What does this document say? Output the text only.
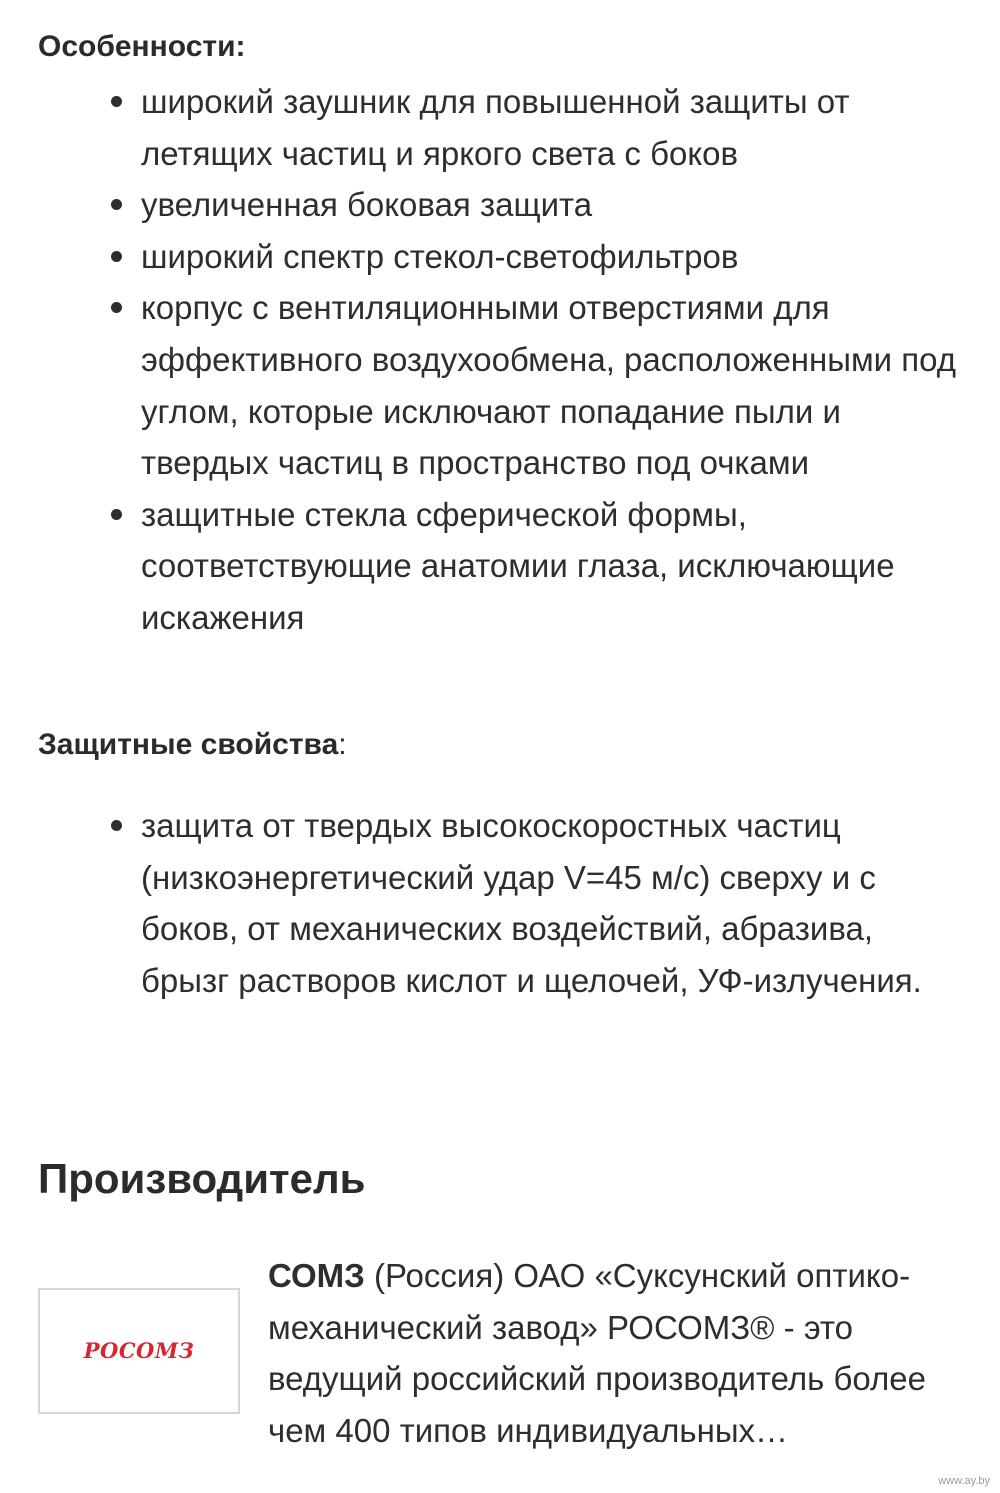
Особенности:
широкий заушник для повышенной защиты от летящих частиц и яркого света с боков
увеличенная боковая защита
широкий спектр стекол-светофильтров
корпус с вентиляционными отверстиями для эффективного воздухообмена, расположенными под углом, которые исключают попадание пыли и твердых частиц в пространство под очками
защитные стекла сферической формы, соответствующие анатомии глаза, исключающие искажения
Защитные свойства:
защита от твердых высокоскоростных частиц (низкоэнергетический удар V=45 м/с) сверху и с боков, от механических воздействий, абразива, брызг растворов кислот и щелочей, УФ-излучения.
Производитель
РОСОМЗ

СОМЗ (Россия) ОАО «Суксунский оптико-механический завод» РОСОМЗ® - это ведущий российский производитель более чем 400 типов индивидуальных…

www.ay.by
